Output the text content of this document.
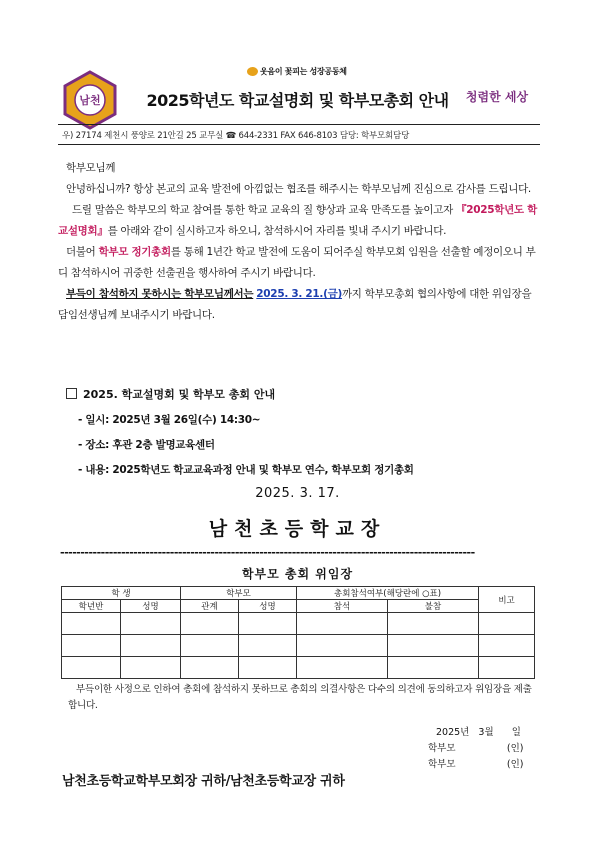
웃음이 꽃피는 성장공동체
남천	2025학년도 학교설명회 및 학부모총회 안내	청렴한 세상
우) 27174 제천시 풍양로 21안길 25 교무실 ☎ 644-2331 FAX 646-8103 담당: 학부모회담당

학부모님께

안녕하십니까? 항상 본교의 교육 발전에 아낌없는 협조를 해주시는 학부모님께 진심으로 감사를 드립니다.

드릴 말씀은 학부모의 학교 참여를 통한 학교 교육의 질 향상과 교육 만족도를 높이고자 『2025학년도 학교설명회』를 아래와 같이 실시하고자 하오니, 참석하시어 자리를 빛내 주시기 바랍니다.

더불어 학부모 정기총회를 통해 1년간 학교 발전에 도움이 되어주실 학부모회 임원을 선출할 예정이오니 부디 참석하시어 귀중한 선출권을 행사하여 주시기 바랍니다.

부득이 참석하지 못하시는 학부모님께서는 2025. 3. 21.(금)까지 학부모총회 협의사항에 대한 위임장을 담임선생님께 보내주시기 바랍니다.

2025. 학교설명회 및 학부모 총회 안내
- 일시: 2025년 3월 26일(수) 14:30~
- 장소: 후관 2층 발명교육센터
- 내용: 2025학년도 학교교육과정 안내 및 학부모 연수, 학부모회 정기총회
2025. 3. 17.
남천초등학교장
------------------------------------------------------------------------------------------------------
학부모 총회 위임장
학 생		학부모		총회참석여부(해당란에 ○표)		비고
학년반	성명	관계	성명	참석	불참	

부득이한 사정으로 인하여 총회에 참석하지 못하므로 총회의 의결사항은 다수의 의견에 동의하고자 위임장을 제출합니다.

2025년   3월      일
학부모                 (인)
학부모                 (인)
남천초등학교학부모회장 귀하/남천초등학교장 귀하
